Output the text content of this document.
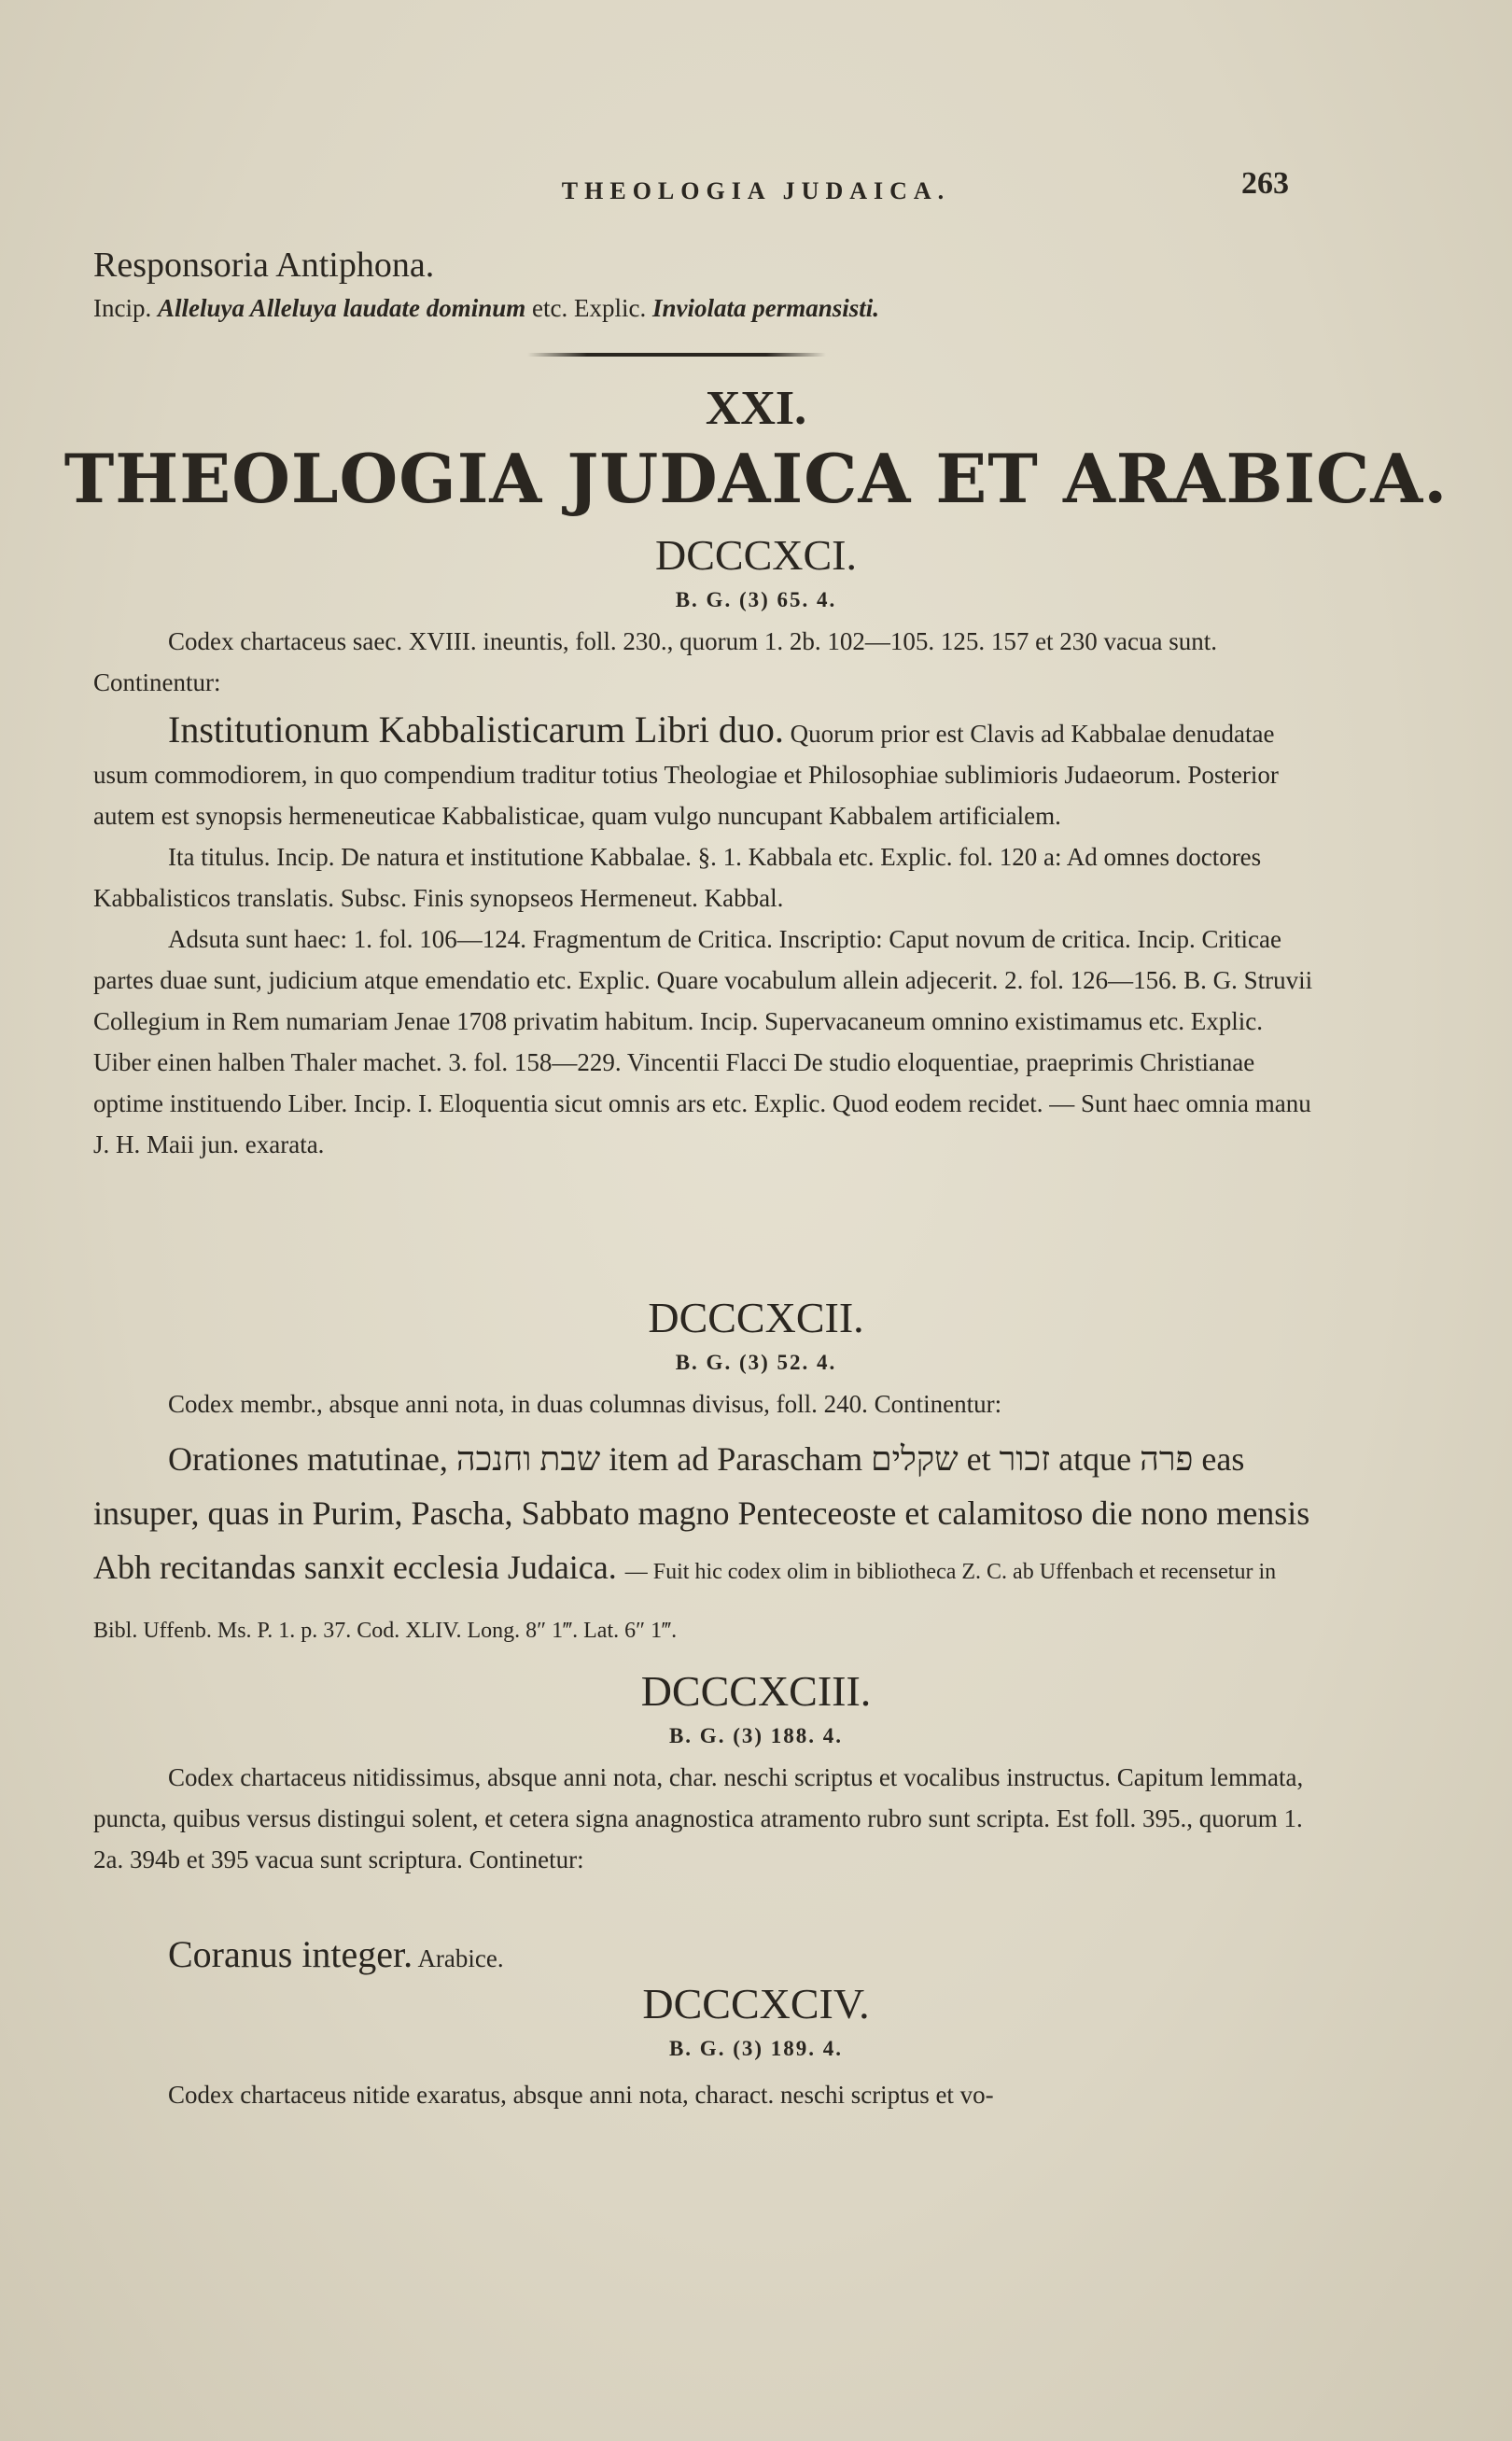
THEOLOGIA JUDAICA.	263

Responsoria Antiphona.

Incip. Alleluya Alleluya laudate dominum etc. Explic. Inviolata permansisti.

XXI.
THEOLOGIA JUDAICA ET ARABICA.
DCCCXCI.
B. G. (3) 65. 4.
Codex chartaceus saec. XVIII. ineuntis, foll. 230., quorum 1. 2b. 102—105. 125. 157 et 230 vacua sunt. Continentur:

Institutionum Kabbalisticarum Libri duo. Quorum prior est Clavis ad Kabbalae denudatae usum commodiorem, in quo compendium traditur totius Theologiae et Philosophiae sublimioris Judaeorum. Posterior autem est synopsis hermeneuticae Kabbalisticae, quam vulgo nuncupant Kabbalem artificialem.

Ita titulus. Incip. De natura et institutione Kabbalae. §. 1. Kabbala etc. Explic. fol. 120 a: Ad omnes doctores Kabbalisticos translatis. Subsc. Finis synopseos Hermeneut. Kabbal.

Adsuta sunt haec: 1. fol. 106—124. Fragmentum de Critica. Inscriptio: Caput novum de critica. Incip. Criticae partes duae sunt, judicium atque emendatio etc. Explic. Quare vocabulum allein adjecerit. 2. fol. 126—156. B. G. Struvii Collegium in Rem numariam Jenae 1708 privatim habitum. Incip. Supervacaneum omnino existimamus etc. Explic. Uiber einen halben Thaler machet. 3. fol. 158—229. Vincentii Flacci De studio eloquentiae, praeprimis Christianae optime instituendo Liber. Incip. I. Eloquentia sicut omnis ars etc. Explic. Quod eodem recidet. — Sunt haec omnia manu J. H. Maii jun. exarata.

DCCCXCII.
B. G. (3) 52. 4.
Codex membr., absque anni nota, in duas columnas divisus, foll. 240. Continentur:

Orationes matutinae, שבת וחנכה item ad Parascham שקלים et זכור atque פרה eas insuper, quas in Purim, Pascha, Sabbato magno Penteceoste et calamitoso die nono mensis Abh recitandas sanxit ecclesia Judaica. — Fuit hic codex olim in bibliotheca Z. C. ab Uffenbach et recensetur in Bibl. Uffenb. Ms. P. 1. p. 37. Cod. XLIV. Long. 8″ 1‴. Lat. 6″ 1‴.

DCCCXCIII.
B. G. (3) 188. 4.
Codex chartaceus nitidissimus, absque anni nota, char. neschi scriptus et vocalibus instructus. Capitum lemmata, puncta, quibus versus distingui solent, et cetera signa anagnostica atramento rubro sunt scripta. Est foll. 395., quorum 1. 2a. 394b et 395 vacua sunt scriptura. Continetur:

Coranus integer. Arabice.

DCCCXCIV.
B. G. (3) 189. 4.
Codex chartaceus nitide exaratus, absque anni nota, charact. neschi scriptus et vo-
